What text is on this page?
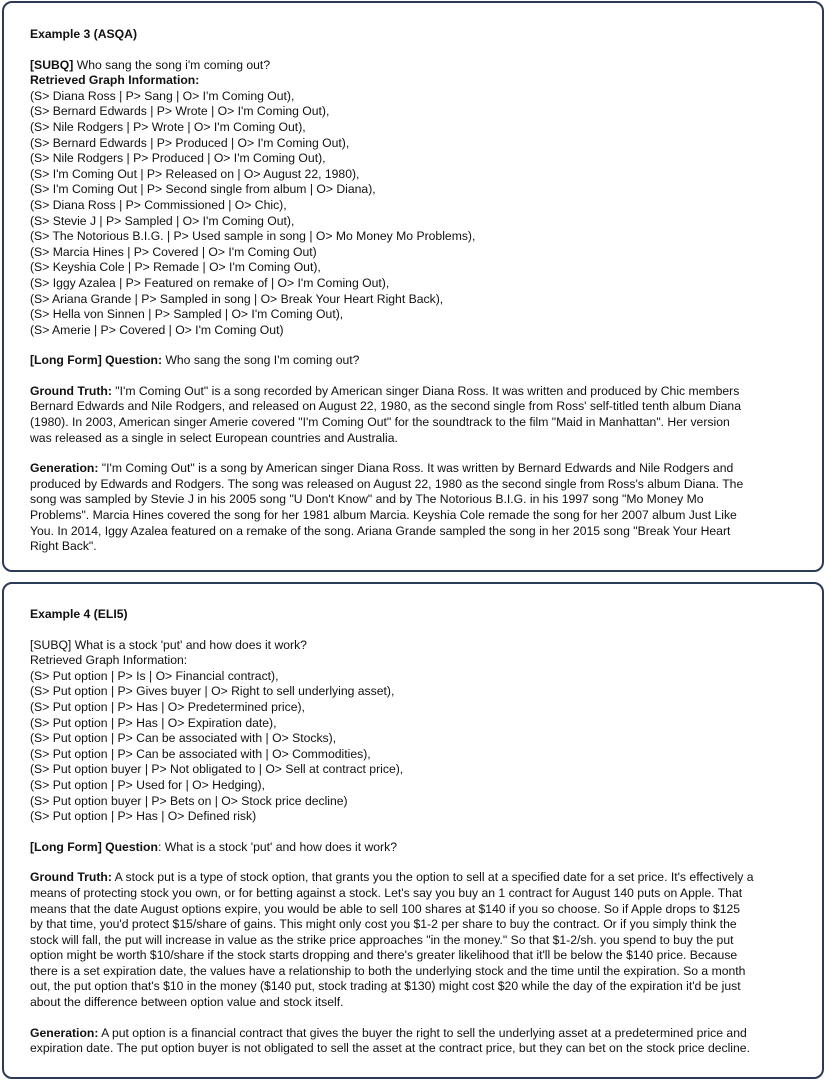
Example 3 (ASQA)
[SUBQ] Who sang the song i'm coming out?
Retrieved Graph Information:
(S> Diana Ross | P> Sang | O> I'm Coming Out),
(S> Bernard Edwards | P> Wrote | O> I'm Coming Out),
(S> Nile Rodgers | P> Wrote | O> I'm Coming Out),
(S> Bernard Edwards | P> Produced | O> I'm Coming Out),
(S> Nile Rodgers | P> Produced | O> I'm Coming Out),
(S> I'm Coming Out | P> Released on | O> August 22, 1980),
(S> I'm Coming Out | P> Second single from album | O> Diana),
(S> Diana Ross | P> Commissioned | O> Chic),
(S> Stevie J | P> Sampled | O> I'm Coming Out),
(S> The Notorious B.I.G. | P> Used sample in song | O> Mo Money Mo Problems),
(S> Marcia Hines | P> Covered | O> I'm Coming Out)
(S> Keyshia Cole | P> Remade | O> I'm Coming Out),
(S> Iggy Azalea | P> Featured on remake of | O> I'm Coming Out),
(S> Ariana Grande | P> Sampled in song | O> Break Your Heart Right Back),
(S> Hella von Sinnen | P> Sampled | O> I'm Coming Out),
(S> Amerie | P> Covered | O> I'm Coming Out)
[Long Form] Question: Who sang the song I'm coming out?
Ground Truth: "I'm Coming Out" is a song recorded by American singer Diana Ross. It was written and produced by Chic members
Bernard Edwards and Nile Rodgers, and released on August 22, 1980, as the second single from Ross' self-titled tenth album Diana
(1980). In 2003, American singer Amerie covered "I'm Coming Out" for the soundtrack to the film "Maid in Manhattan". Her version
was released as a single in select European countries and Australia.
Generation: "I'm Coming Out" is a song by American singer Diana Ross. It was written by Bernard Edwards and Nile Rodgers and
produced by Edwards and Rodgers. The song was released on August 22, 1980 as the second single from Ross's album Diana. The
song was sampled by Stevie J in his 2005 song "U Don't Know" and by The Notorious B.I.G. in his 1997 song "Mo Money Mo
Problems". Marcia Hines covered the song for her 1981 album Marcia. Keyshia Cole remade the song for her 2007 album Just Like
You. In 2014, Iggy Azalea featured on a remake of the song. Ariana Grande sampled the song in her 2015 song "Break Your Heart
Right Back".
Example 4 (ELI5)
[SUBQ] What is a stock 'put' and how does it work?
Retrieved Graph Information:
(S> Put option | P> Is | O> Financial contract),
(S> Put option | P> Gives buyer | O> Right to sell underlying asset),
(S> Put option | P> Has | O> Predetermined price),
(S> Put option | P> Has | O> Expiration date),
(S> Put option | P> Can be associated with | O> Stocks),
(S> Put option | P> Can be associated with | O> Commodities),
(S> Put option buyer | P> Not obligated to | O> Sell at contract price),
(S> Put option | P> Used for | O> Hedging),
(S> Put option buyer | P> Bets on | O> Stock price decline)
(S> Put option | P> Has | O> Defined risk)
[Long Form] Question: What is a stock 'put' and how does it work?
Ground Truth: A stock put is a type of stock option, that grants you the option to sell at a specified date for a set price. It's effectively a
means of protecting stock you own, or for betting against a stock. Let's say you buy an 1 contract for August 140 puts on Apple. That
means that the date August options expire, you would be able to sell 100 shares at $140 if you so choose. So if Apple drops to $125
by that time, you'd protect $15/share of gains. This might only cost you $1-2 per share to buy the contract. Or if you simply think the
stock will fall, the put will increase in value as the strike price approaches "in the money." So that $1-2/sh. you spend to buy the put
option might be worth $10/share if the stock starts dropping and there's greater likelihood that it'll be below the $140 price. Because
there is a set expiration date, the values have a relationship to both the underlying stock and the time until the expiration. So a month
out, the put option that's $10 in the money ($140 put, stock trading at $130) might cost $20 while the day of the expiration it'd be just
about the difference between option value and stock itself.
Generation: A put option is a financial contract that gives the buyer the right to sell the underlying asset at a predetermined price and
expiration date. The put option buyer is not obligated to sell the asset at the contract price, but they can bet on the stock price decline.
